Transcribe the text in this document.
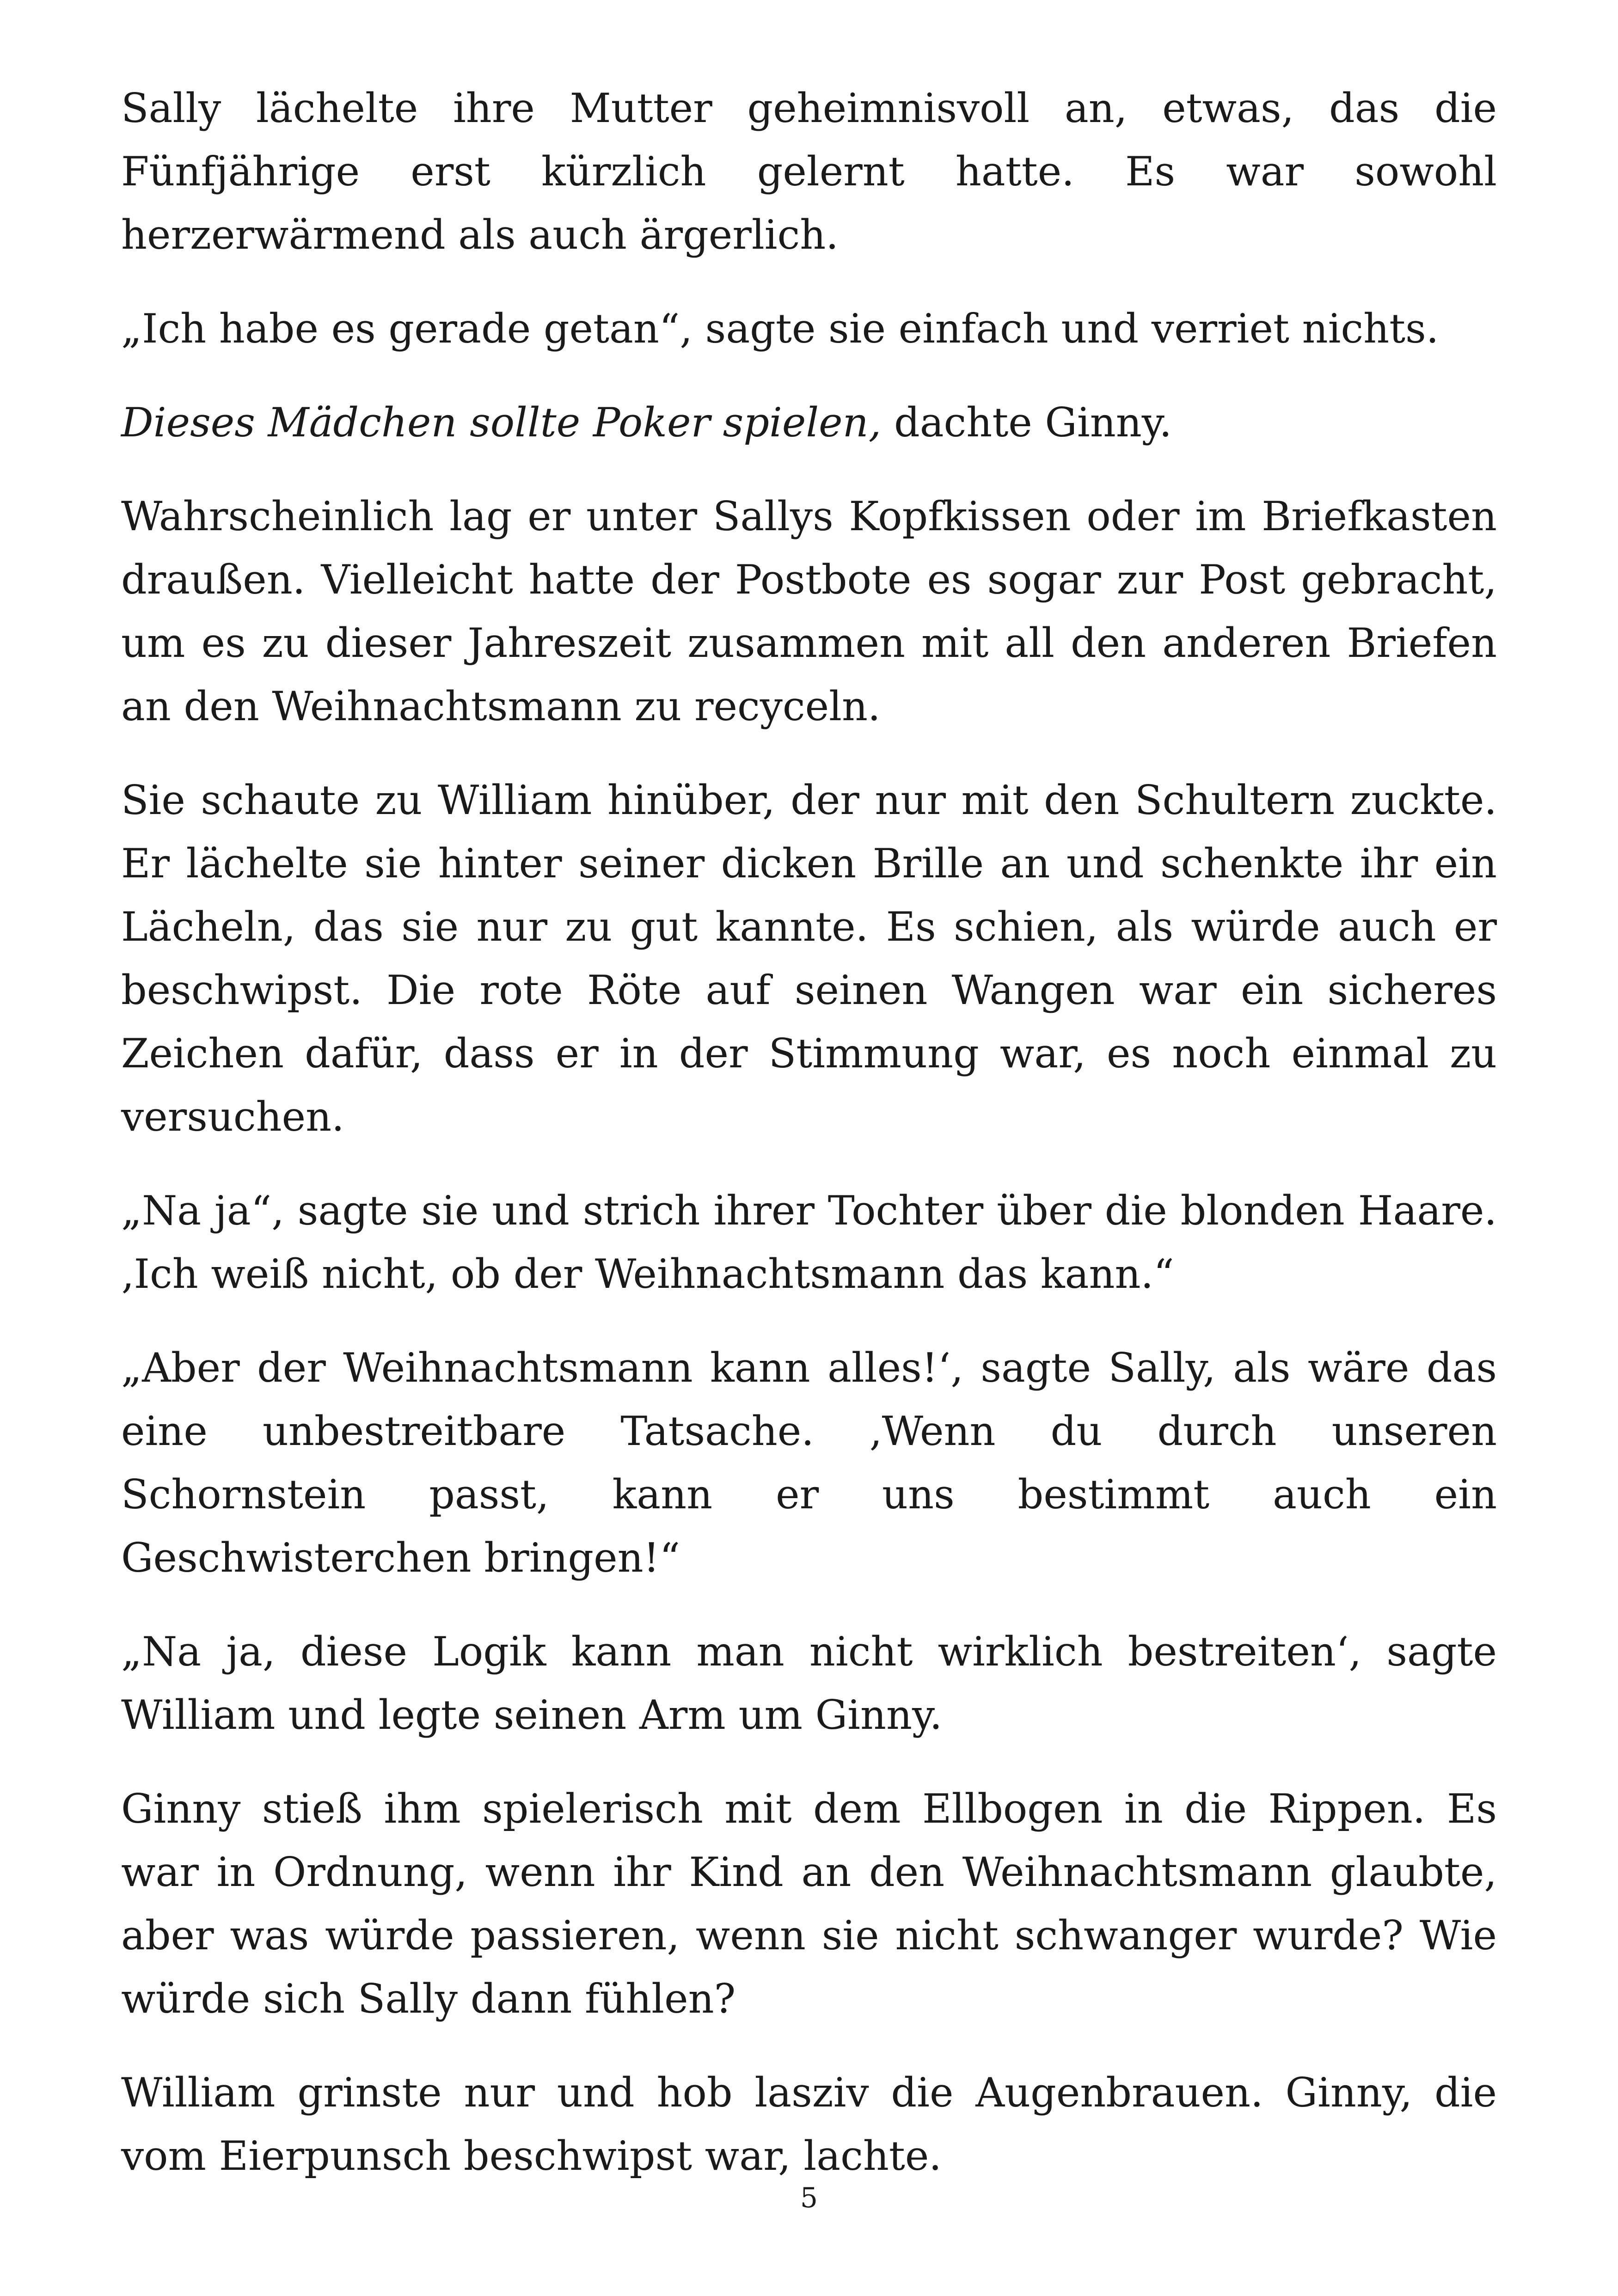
Sally lächelte ihre Mutter geheimnisvoll an, etwas, das die Fünfjährige erst kürzlich gelernt hatte. Es war sowohl herzerwärmend als auch ärgerlich.

„Ich habe es gerade getan“, sagte sie einfach und verriet nichts.

Dieses Mädchen sollte Poker spielen, dachte Ginny.

Wahrscheinlich lag er unter Sallys Kopfkissen oder im Briefkasten draußen. Vielleicht hatte der Postbote es sogar zur Post gebracht, um es zu dieser Jahreszeit zusammen mit all den anderen Briefen an den Weihnachtsmann zu recyceln.

Sie schaute zu William hinüber, der nur mit den Schultern zuckte. Er lächelte sie hinter seiner dicken Brille an und schenkte ihr ein Lächeln, das sie nur zu gut kannte. Es schien, als würde auch er beschwipst. Die rote Röte auf seinen Wangen war ein sicheres Zeichen dafür, dass er in der Stimmung war, es noch einmal zu versuchen.

„Na ja“, sagte sie und strich ihrer Tochter über die blonden Haare. ‚Ich weiß nicht, ob der Weihnachtsmann das kann.“

„Aber der Weihnachtsmann kann alles!‘, sagte Sally, als wäre das eine unbestreitbare Tatsache. ‚Wenn du durch unseren Schornstein passt, kann er uns bestimmt auch ein Geschwisterchen bringen!“

„Na ja, diese Logik kann man nicht wirklich bestreiten‘, sagte William und legte seinen Arm um Ginny.

Ginny stieß ihm spielerisch mit dem Ellbogen in die Rippen. Es war in Ordnung, wenn ihr Kind an den Weihnachtsmann glaubte, aber was würde passieren, wenn sie nicht schwanger wurde? Wie würde sich Sally dann fühlen?

William grinste nur und hob lasziv die Augenbrauen. Ginny, die vom Eierpunsch beschwipst war, lachte.

5
